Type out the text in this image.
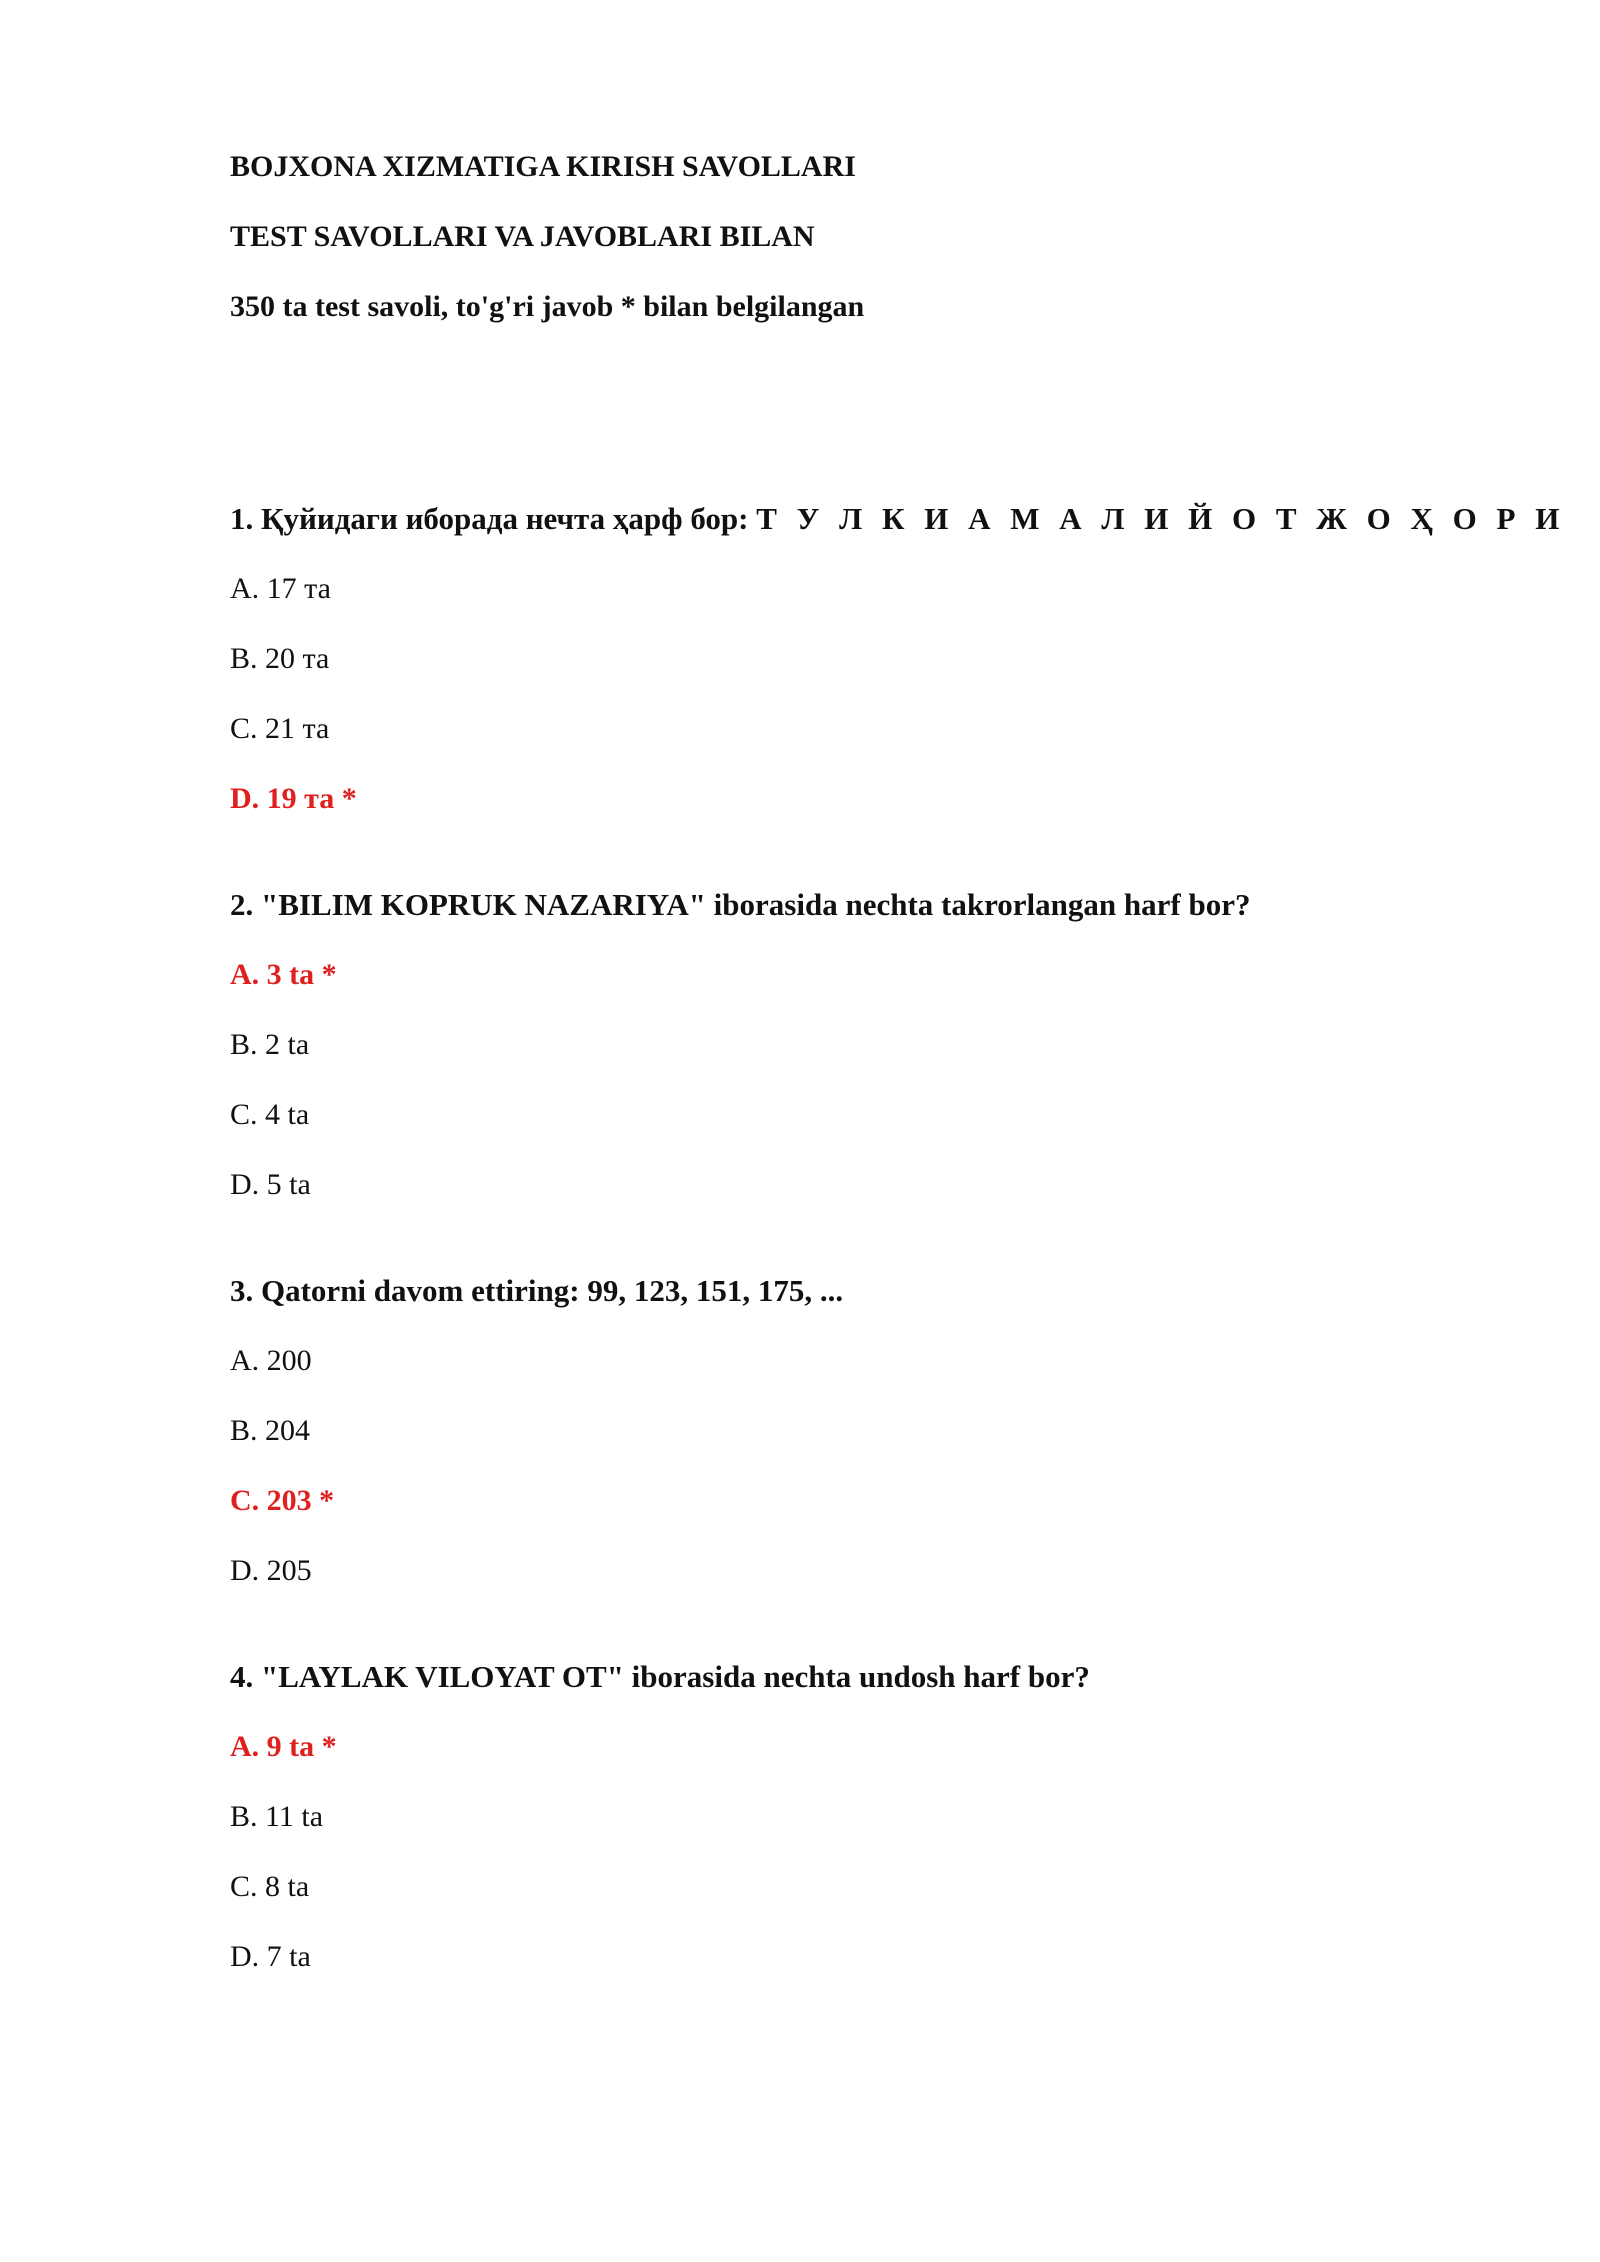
BOJXONA XIZMATIGA KIRISH SAVOLLARI
TEST SAVOLLARI VA JAVOBLARI BILAN
350 ta test savoli, to'g'ri javob * bilan belgilangan
1. Қуйидаги иборада нечта ҳарф бор: Т У Л К И А М А Л И Й О Т Ж О Ҳ О Р И
A. 17 та
B. 20 та
C. 21 та
D. 19 та *
2. "BILIM KOPRUK NAZARIYA" iborasida nechta takrorlangan harf bor?
A. 3 ta *
B. 2 ta
C. 4 ta
D. 5 ta
3. Qatorni davom ettiring: 99, 123, 151, 175, ...
A. 200
B. 204
C. 203 *
D. 205
4. "LAYLAK VILOYAT OT" iborasida nechta undosh harf bor?
A. 9 ta *
B. 11 ta
C. 8 ta
D. 7 ta
